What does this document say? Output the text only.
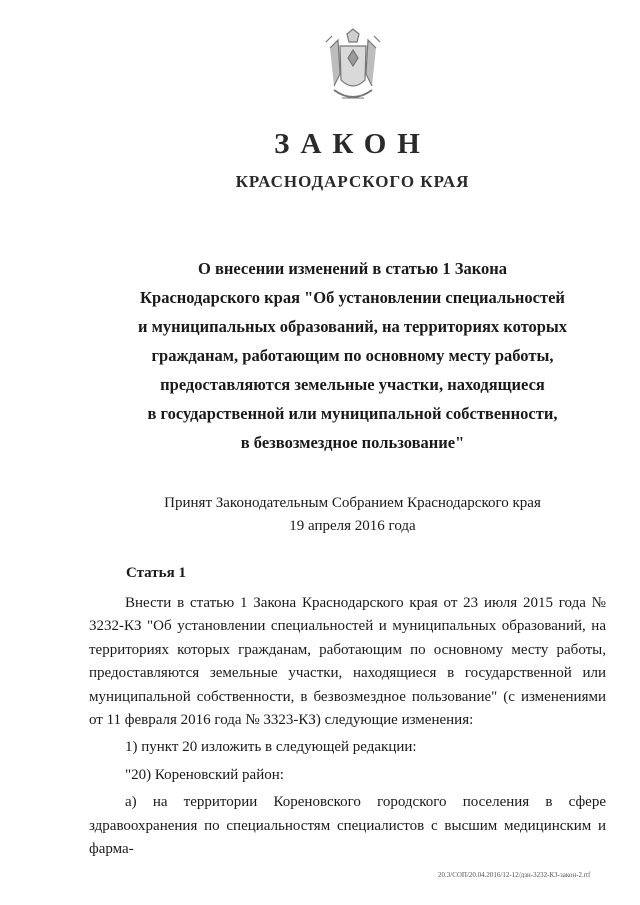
ЗАКОН
КРАСНОДАРСКОГО КРАЯ
О внесении изменений в статью 1 Закона
Краснодарского края "Об установлении специальностей
и муниципальных образований, на территориях которых
гражданам, работающим по основному месту работы,
предоставляются земельные участки, находящиеся
в государственной или муниципальной собственности,
в безвозмездное пользование"
Принят Законодательным Собранием Краснодарского края
19 апреля 2016 года
Статья 1

Внести в статью 1 Закона Краснодарского края от 23 июля 2015 года № 3232-КЗ "Об установлении специальностей и муниципальных образований, на территориях которых гражданам, работающим по основному месту работы, предоставляются земельные участки, находящиеся в государственной или муниципальной собственности, в безвозмездное пользование" (с изменениями от 11 февраля 2016 года № 3323-КЗ) следующие изменения:

1) пункт 20 изложить в следующей редакции:

"20) Кореновский район:

а) на территории Кореновского городского поселения в сфере здравоохранения по специальностям специалистов с высшим медицинским и фарма-

20.3/СОП/20.04.2016/12-12/дзн-3232-КЗ-закон-2.rtf
